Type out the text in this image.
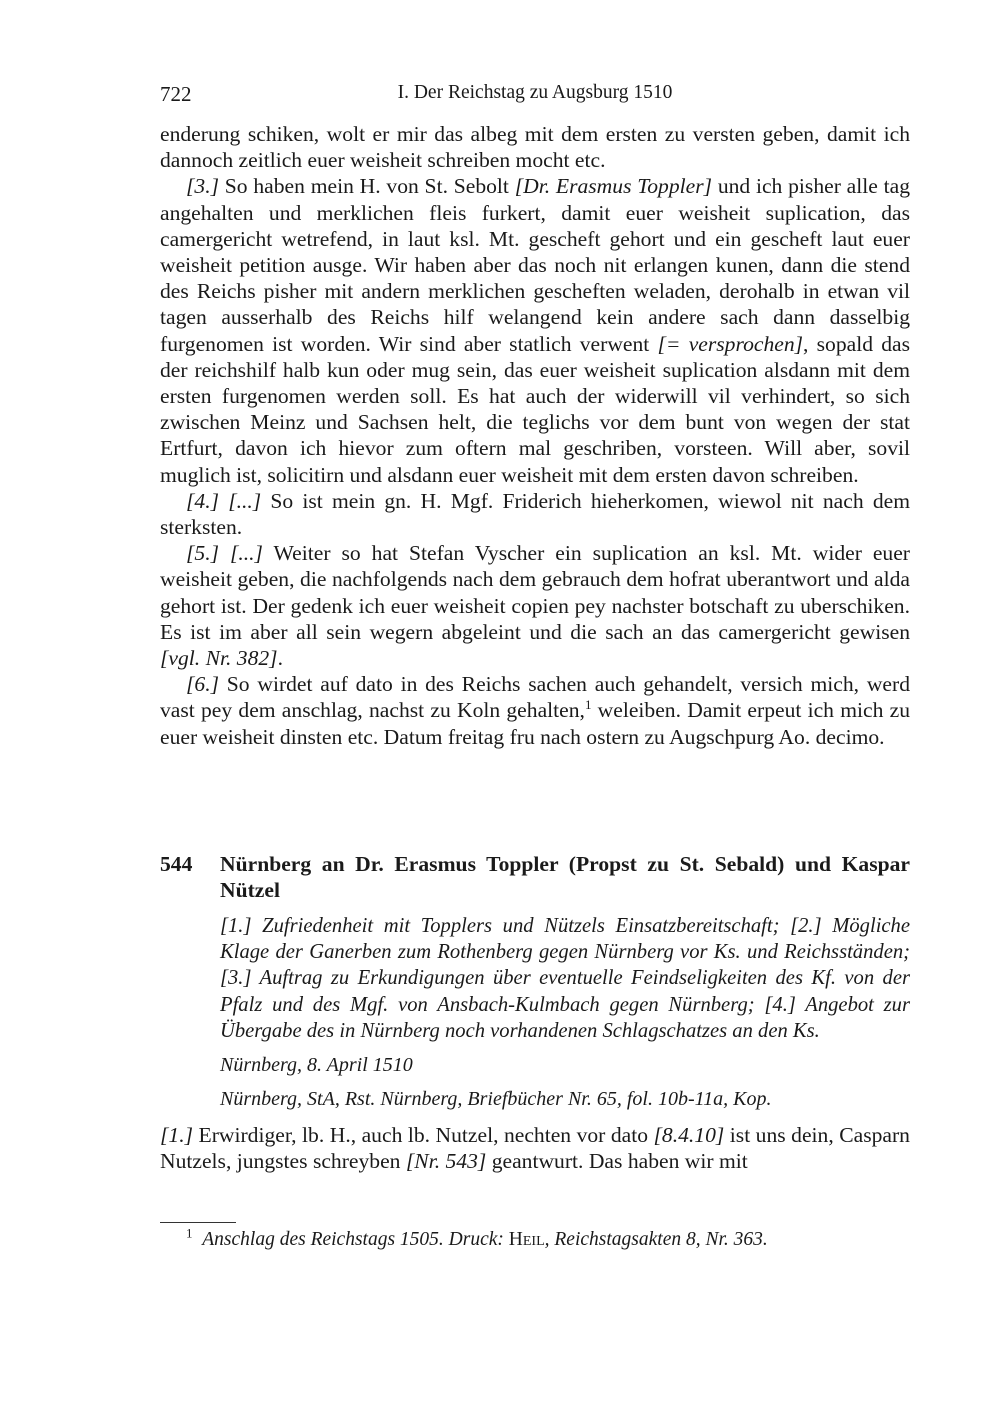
722	I. Der Reichstag zu Augsburg 1510

enderung schiken, wolt er mir das albeg mit dem ersten zu versten geben, damit ich dannoch zeitlich euer weisheit schreiben mocht etc.

[3.] So haben mein H. von St. Sebolt [Dr. Erasmus Toppler] und ich pisher alle tag angehalten und merklichen fleis furkert, damit euer weisheit suplication, das camergericht wetrefend, in laut ksl. Mt. gescheft gehort und ein gescheft laut euer weisheit petition ausge. Wir haben aber das noch nit erlangen kunen, dann die stend des Reichs pisher mit andern merklichen gescheften weladen, derohalb in etwan vil tagen ausserhalb des Reichs hilf welangend kein andere sach dann dasselbig furgenomen ist worden. Wir sind aber statlich verwent [= versprochen], sopald das der reichshilf halb kun oder mug sein, das euer weisheit suplication alsdann mit dem ersten furgenomen werden soll. Es hat auch der widerwill vil verhindert, so sich zwischen Meinz und Sachsen helt, die teglichs vor dem bunt von wegen der stat Ertfurt, davon ich hievor zum oftern mal geschriben, vorsteen. Will aber, sovil muglich ist, solicitirn und alsdann euer weisheit mit dem ersten davon schreiben.

[4.] [...] So ist mein gn. H. Mgf. Friderich hieherkomen, wiewol nit nach dem sterksten.

[5.] [...] Weiter so hat Stefan Vyscher ein suplication an ksl. Mt. wider euer weisheit geben, die nachfolgends nach dem gebrauch dem hofrat uberantwort und alda gehort ist. Der gedenk ich euer weisheit copien pey nachster botschaft zu uberschiken. Es ist im aber all sein wegern abgeleint und die sach an das camergericht gewisen [vgl. Nr. 382].

[6.] So wirdet auf dato in des Reichs sachen auch gehandelt, versich mich, werd vast pey dem anschlag, nachst zu Koln gehalten,$^1$ weleiben. Damit erpeut ich mich zu euer weisheit dinsten etc. Datum freitag fru nach ostern zu Augschpurg Ao. decimo.

544	Nürnberg an Dr. Erasmus Toppler (Propst zu St. Sebald) und Kaspar Nützel
[1.] Zufriedenheit mit Topplers und Nützels Einsatzbereitschaft; [2.] Mögliche Klage der Ganerben zum Rothenberg gegen Nürnberg vor Ks. und Reichsständen; [3.] Auftrag zu Erkundigungen über eventuelle Feindseligkeiten des Kf. von der Pfalz und des Mgf. von Ansbach-Kulmbach gegen Nürnberg; [4.] Angebot zur Übergabe des in Nürnberg noch vorhandenen Schlagschatzes an den Ks.
Nürnberg, 8. April 1510
Nürnberg, StA, Rst. Nürnberg, Briefbücher Nr. 65, fol. 10b-11a, Kop.
[1.] Erwirdiger, lb. H., auch lb. Nutzel, nechten vor dato [8.4.10] ist uns dein, Casparn Nutzels, jungstes schreyben [Nr. 543] geantwurt. Das haben wir mit
$^1$ Anschlag des Reichstags 1505. Druck: Heil, Reichstagsakten 8, Nr. 363.
